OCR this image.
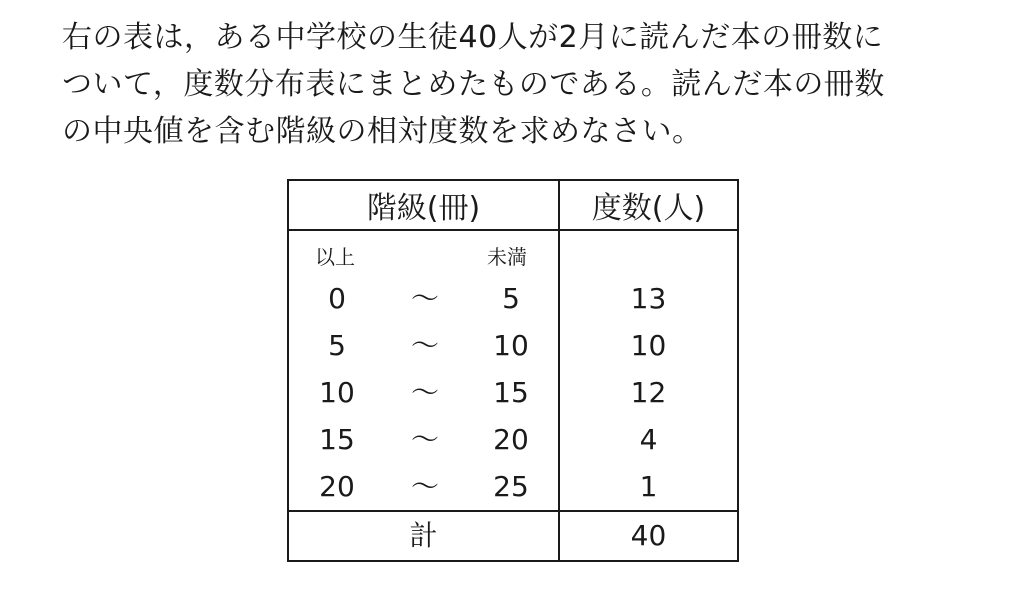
右の表は，ある中学校の生徒40人が2月に読んだ本の冊数に
ついて，度数分布表にまとめたものである。読んだ本の冊数
の中央値を含む階級の相対度数を求めなさい。
階級(冊)	度数(人)

以上 未満	

0 〜 5	13

5 〜 10	10

10 〜 15	12

15 〜 20	4

20 〜 25	1
計	40
